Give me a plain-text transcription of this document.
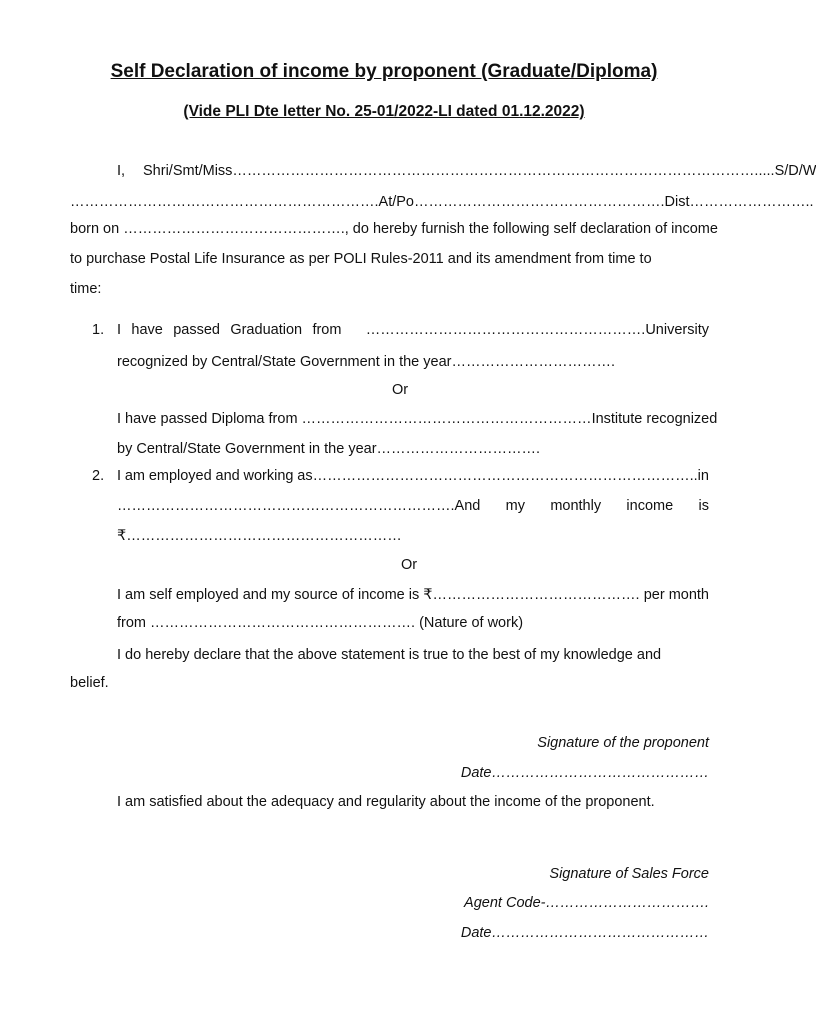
Self Declaration of income by proponent (Graduate/Diploma)
(Vide PLI Dte letter No. 25-01/2022-LI dated 01.12.2022)
I, Shri/Smt/Miss……………………………………………………………………………………………….....S/D/W
……………………………………………………….At/Po…………………………………………….Dist……………………..
born on ………………………………………., do hereby furnish the following self declaration of income
to purchase Postal Life Insurance as per POLI Rules-2011 and its amendment from time to
time:
1. I have passed Graduation from ………………………………………………….University
recognized by Central/State Government in the year…………………………….
Or
I have passed Diploma from …………………………………………………… Institute recognized
by Central/State Government in the year…………………………….
2. I am employed and working as……………………………………………………………………..in
…………………………………………………………….And my monthly income is
₹…………………………………………………
Or
I am self employed and my source of income is ₹……………………………………. per month
from ………………………………………………. (Nature of work)
I do hereby declare that the above statement is true to the best of my knowledge and
belief.
Signature of the proponent
Date………………………………………
I am satisfied about the adequacy and regularity about the income of the proponent.
Signature of Sales Force
Agent Code-…………………………….
Date………………………………………
